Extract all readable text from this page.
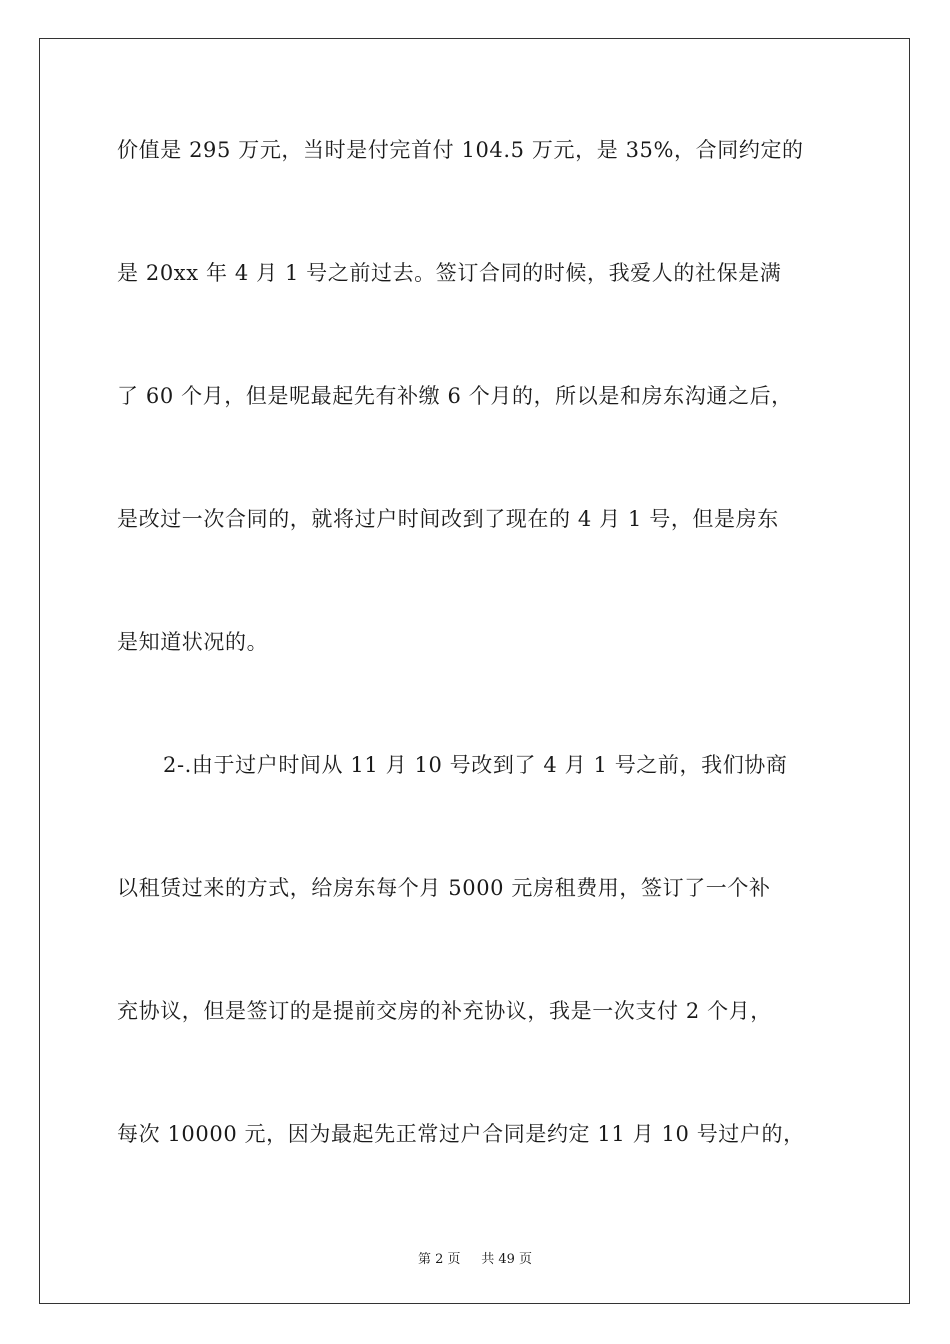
价值是 295 万元，当时是付完首付 104.5 万元，是 35%，合同约定的
是 20xx 年 4 月 1 号之前过去。签订合同的时候，我爱人的社保是满
了 60 个月，但是呢最起先有补缴 6 个月的，所以是和房东沟通之后，
是改过一次合同的，就将过户时间改到了现在的 4 月 1 号，但是房东
是知道状况的。
2-.由于过户时间从 11 月 10 号改到了 4 月 1 号之前，我们协商
以租赁过来的方式，给房东每个月 5000 元房租费用，签订了一个补
充协议，但是签订的是提前交房的补充协议，我是一次支付 2 个月，
每次 10000 元，因为最起先正常过户合同是约定 11 月 10 号过户的，
第 2 页 共 49 页
